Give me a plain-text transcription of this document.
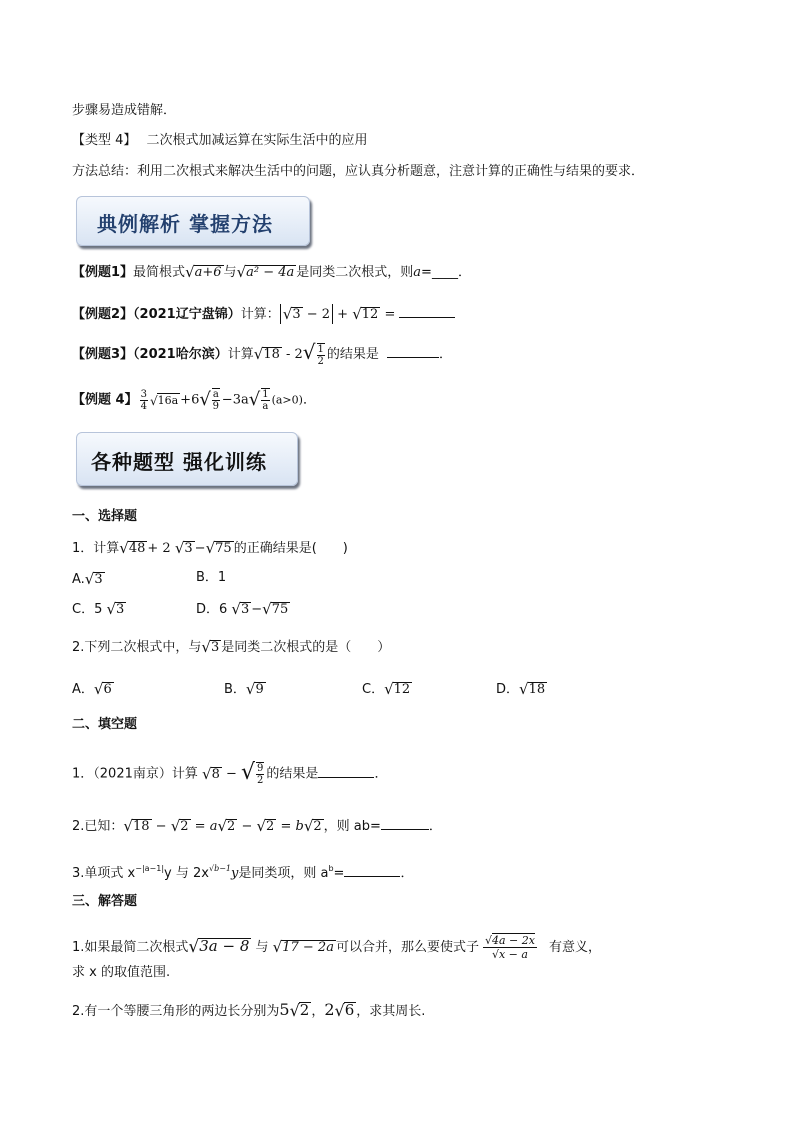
步骤易造成错解．
【类型 4】 二次根式加减运算在实际生活中的应用
方法总结：利用二次根式来解决生活中的问题，应认真分析题意，注意计算的正确性与结果的要求．
典例解析 掌握方法
【例题1】最简根式√a+6 与√a² − 4a 是同类二次根式，则a=____．
【例题2】（2021辽宁盘锦）计算： √3 − 2 + √12 =
【例题3】（2021哈尔滨）计算$√18 - 2√ \frac{1}{2}$ 的结果是	．
【例题 4】 $\frac{3}{4} √16a +6√ \frac{a}{9} -3a√ \frac{1}{a} (a>0)$．
各种题型 强化训练
一、选择题
1．计算√48 + 2 √3 −√75 的正确结果是(　　)
A.√3	B．1
C．5 √3	D．6 √3 −√75
2.下列二次根式中，与√3 是同类二次根式的是（　　）
A．√6	B．√9	C．√12	D．√18
二、填空题
1．（2021南京）计算 √8 − √ $\frac{9}{2}$ 的结果是	．
2.已知：√18 − √2 = a√2 − √2 = b√2 ，则 ab=	．
3.单项式 $x^{-|a-1|}y$ 与 $2x^{√b-1}y$是同类项，则 $a^b=$	．
三、解答题
1.如果最简二次根式√3a − 8 与 √17 − 2a 可以合并，那么要使式子 $\frac{√4a - 2x}{√x - a}$ 有意义，
求 x 的取值范围.
2.有一个等腰三角形的两边长分别为5√2 ，2√6 ，求其周长.
